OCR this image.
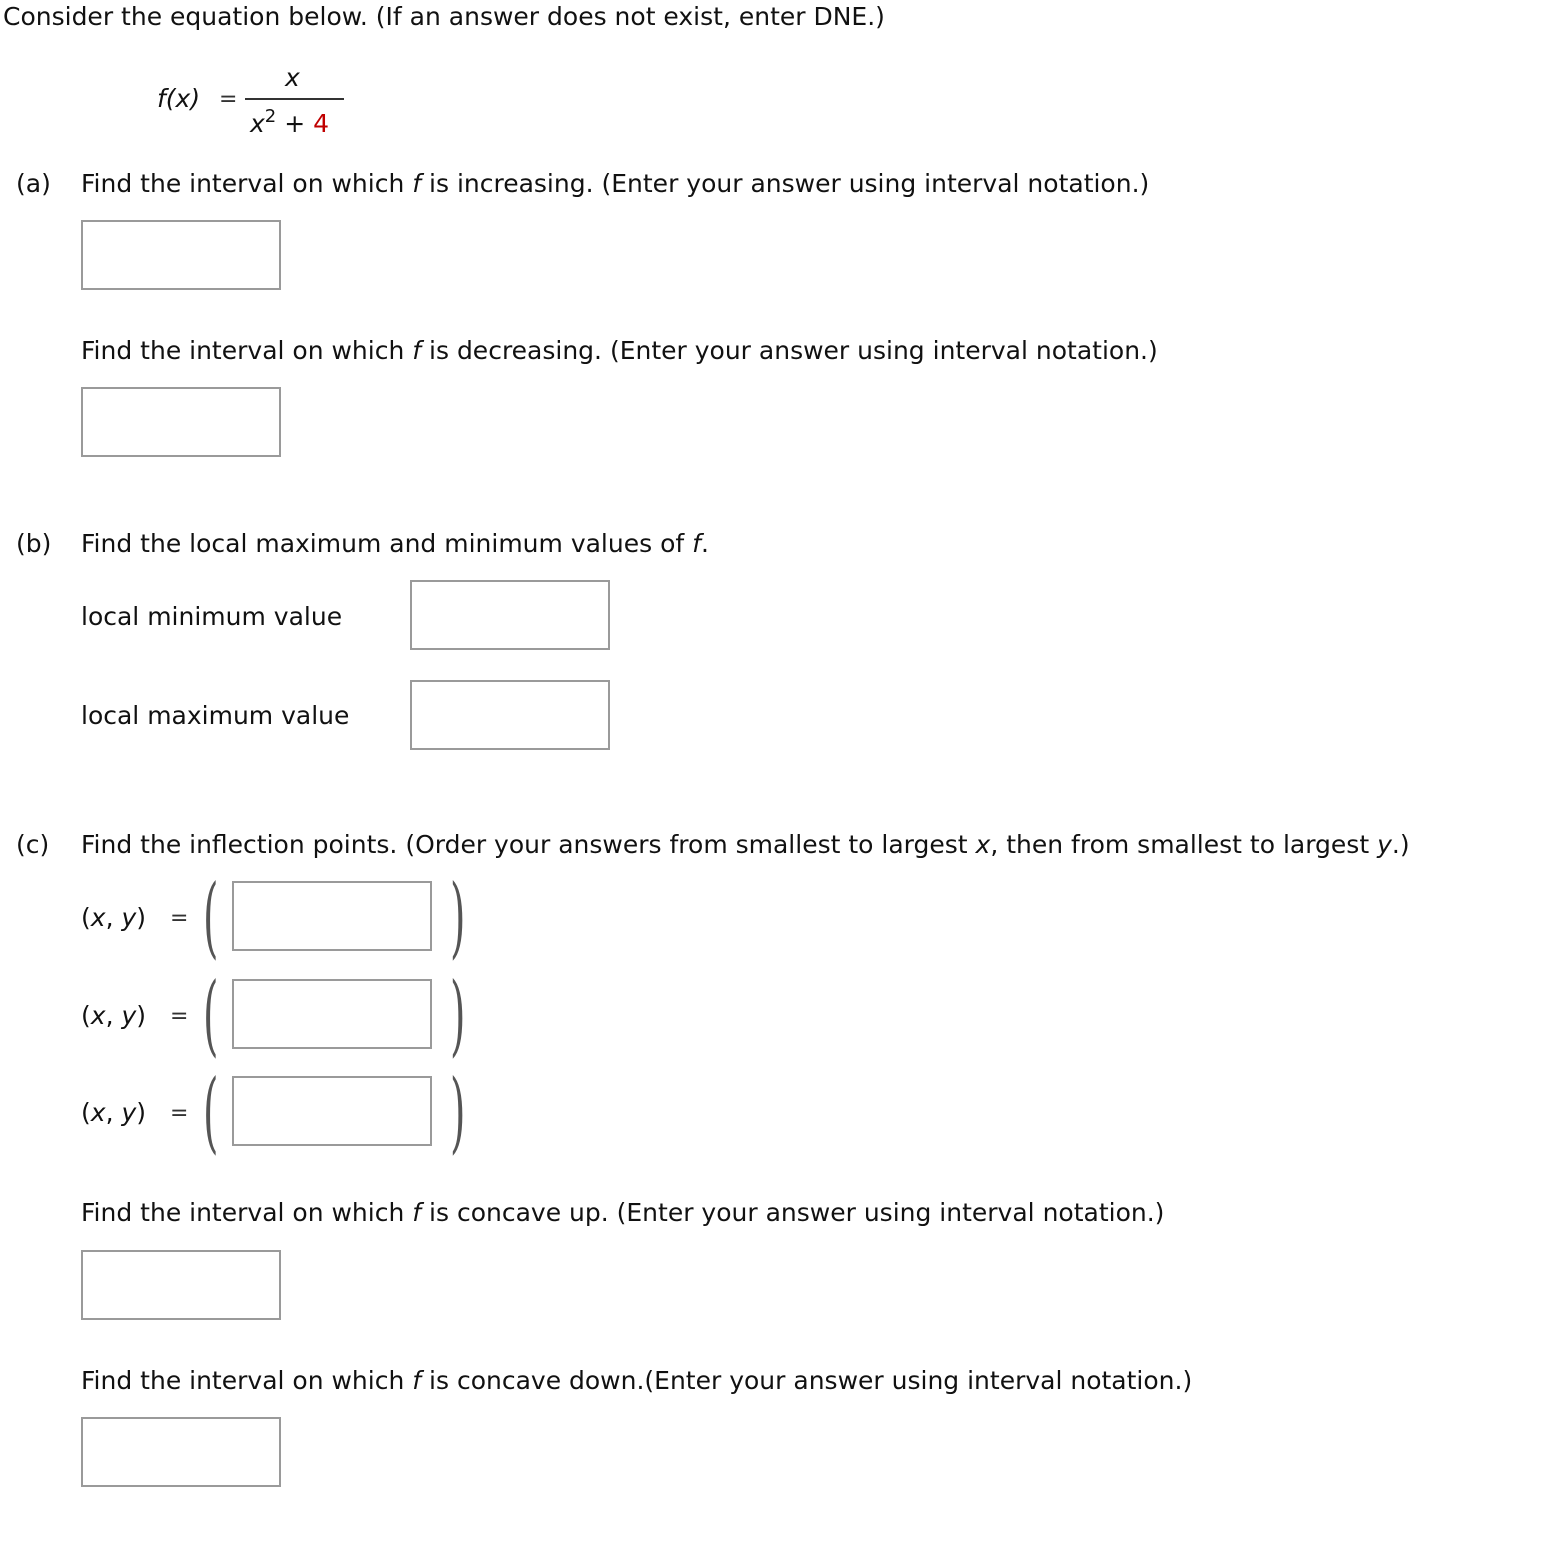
Consider the equation below. (If an answer does not exist, enter DNE.)
f(x) =
x
$x^2 + 4$
(a) Find the interval on which f is increasing. (Enter your answer using interval notation.)
Find the interval on which f is decreasing. (Enter your answer using interval notation.)
(b) Find the local maximum and minimum values of f.
local minimum value
local maximum value
(c) Find the inflection points. (Order your answers from smallest to largest x, then from smallest to largest y.)
(x, y) = (	)
(x, y) = (	)
(x, y) = (	)
Find the interval on which f is concave up. (Enter your answer using interval notation.)
Find the interval on which f is concave down.(Enter your answer using interval notation.)
